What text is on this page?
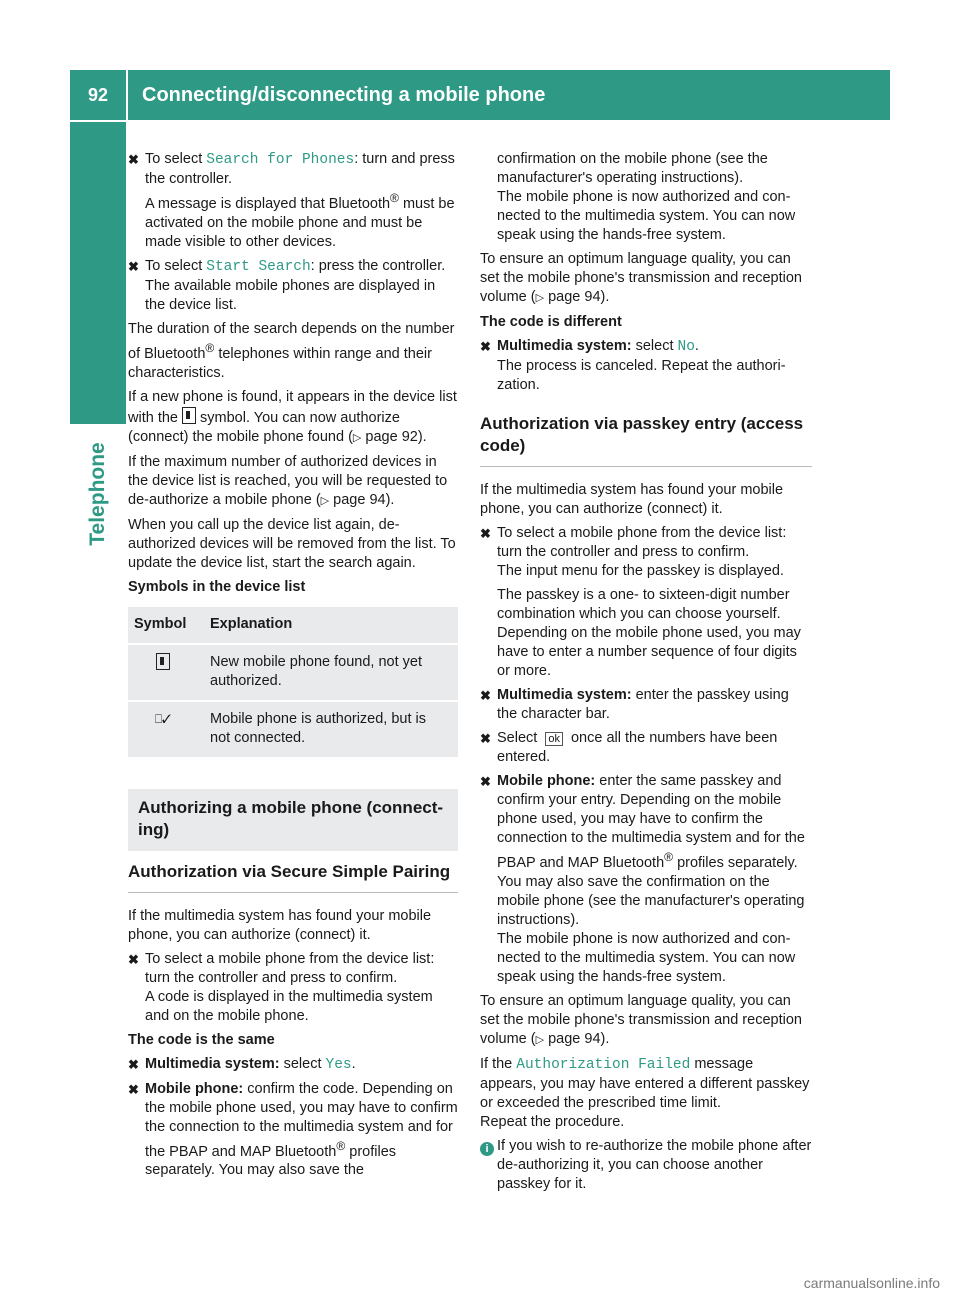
92	Connecting/disconnecting a mobile phone
Telephone
✖ To select Search for Phones: turn and press the controller.
A message is displayed that Bluetooth® must be activated on the mobile phone and must be made visible to other devices.
✖ To select Start Search: press the controller.
The available mobile phones are displayed in the device list.

The duration of the search depends on the number of Bluetooth® telephones within range and their characteristics.

If a new phone is found, it appears in the device list with the  symbol. You can now authorize (connect) the mobile phone found (▷ page 92).

If the maximum number of authorized devices in the device list is reached, you will be requested to de-authorize a mobile phone (▷ page 94).

When you call up the device list again, de-authorized devices will be removed from the list. To update the device list, start the search again.

Symbols in the device list

Symbol	Explanation
	New mobile phone found, not yet authorized.
⎕✓	Mobile phone is authorized, but is not connected.
Authorizing a mobile phone (connecting)
Authorization via Secure Simple Pairing

If the multimedia system has found your mobile phone, you can authorize (connect) it.

✖ To select a mobile phone from the device list: turn the controller and press to confirm.
A code is displayed in the multimedia system and on the mobile phone.

The code is the same

✖ Multimedia system: select Yes.
✖ Mobile phone: confirm the code. Depending on the mobile phone used, you may have to confirm the connection to the multimedia system and for the PBAP and MAP Bluetooth® profiles separately. You may also save the
confirmation on the mobile phone (see the manufacturer's operating instructions).
The mobile phone is now authorized and connected to the multimedia system. You can now speak using the hands-free system.

To ensure an optimum language quality, you can set the mobile phone's transmission and reception volume (▷ page 94).

The code is different

✖ Multimedia system: select No.
The process is canceled. Repeat the authorization.
Authorization via passkey entry (access code)

If the multimedia system has found your mobile phone, you can authorize (connect) it.

✖ To select a mobile phone from the device list: turn the controller and press to confirm.
The input menu for the passkey is displayed.
The passkey is a one- to sixteen-digit number combination which you can choose yourself. Depending on the mobile phone used, you may have to enter a number sequence of four digits or more.
✖ Multimedia system: enter the passkey using the character bar.
✖ Select ok once all the numbers have been entered.
✖ Mobile phone: enter the same passkey and confirm your entry. Depending on the mobile phone used, you may have to confirm the connection to the multimedia system and for the PBAP and MAP Bluetooth® profiles separately. You may also save the confirmation on the mobile phone (see the manufacturer's operating instructions).
The mobile phone is now authorized and connected to the multimedia system. You can now speak using the hands-free system.

To ensure an optimum language quality, you can set the mobile phone's transmission and reception volume (▷ page 94).

If the Authorization Failed message appears, you may have entered a different passkey or exceeded the prescribed time limit.
Repeat the procedure.

i If you wish to re-authorize the mobile phone after de-authorizing it, you can choose another passkey for it.
carmanualsonline.info
